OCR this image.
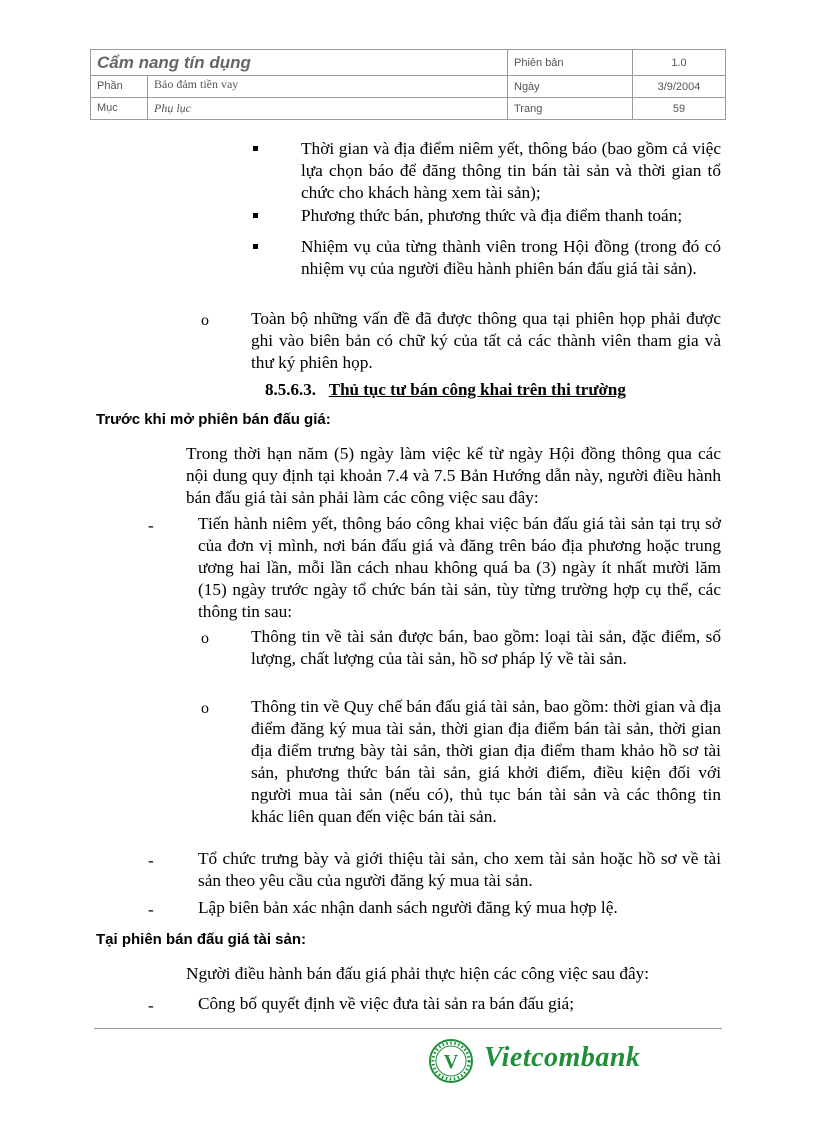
Cẩm nang tín dụng	Phiên bản	1.0
Phần Bảo đảm tiền vay	Ngày	3/9/2004
Mục Phụ lục	Trang	59
Thời gian và địa điểm niêm yết, thông báo (bao gồm cả việc lựa chọn báo để đăng thông tin bán tài sản và thời gian tổ chức cho khách hàng xem tài sản);
Phương thức bán, phương thức và địa điểm thanh toán;
Nhiệm vụ của từng thành viên trong Hội đồng (trong đó có nhiệm vụ của người điều hành phiên bán đấu giá tài sản).
o Toàn bộ những vấn đề đã được thông qua tại phiên họp phải được ghi vào biên bản có chữ ký của tất cả các thành viên tham gia và thư ký phiên họp.
8.5.6.3. Thủ tục tư bán công khai trên thi trường
Trước khi mở phiên bán đấu giá:
Trong thời hạn năm (5) ngày làm việc kể từ ngày Hội đồng thông qua các nội dung quy định tại khoản 7.4 và 7.5 Bản Hướng dẫn này, người điều hành bán đấu giá tài sản phải làm các công việc sau đây:
-	Tiến hành niêm yết, thông báo công khai việc bán đấu giá tài sản tại trụ sở của đơn vị mình, nơi bán đấu giá và đăng trên báo địa phương hoặc trung ương hai lần, mỗi lần cách nhau không quá ba (3) ngày ít nhất mười lăm (15) ngày trước ngày tổ chức bán tài sản, tùy từng trường hợp cụ thể, các thông tin sau:
o Thông tin về tài sản được bán, bao gồm: loại tài sản, đặc điểm, số lượng, chất lượng của tài sản, hồ sơ pháp lý về tài sản.
o Thông tin về Quy chế bán đấu giá tài sản, bao gồm: thời gian và địa điểm đăng ký mua tài sản, thời gian địa điểm bán tài sản, thời gian địa điểm trưng bày tài sản, thời gian địa điểm tham khảo hồ sơ tài sản, phương thức bán tài sản, giá khởi điểm, điều kiện đối với người mua tài sản (nếu có), thủ tục bán tài sản và các thông tin khác liên quan đến việc bán tài sản.
-	Tổ chức trưng bày và giới thiệu tài sản, cho xem tài sản hoặc hồ sơ về tài sản theo yêu cầu của người đăng ký mua tài sản.
-	Lập biên bản xác nhận danh sách người đăng ký mua hợp lệ.
Tại phiên bán đấu giá tài sản:
Người điều hành bán đấu giá phải thực hiện các công việc sau đây:
-	Công bố quyết định về việc đưa tài sản ra bán đấu giá;
V Vietcombank
